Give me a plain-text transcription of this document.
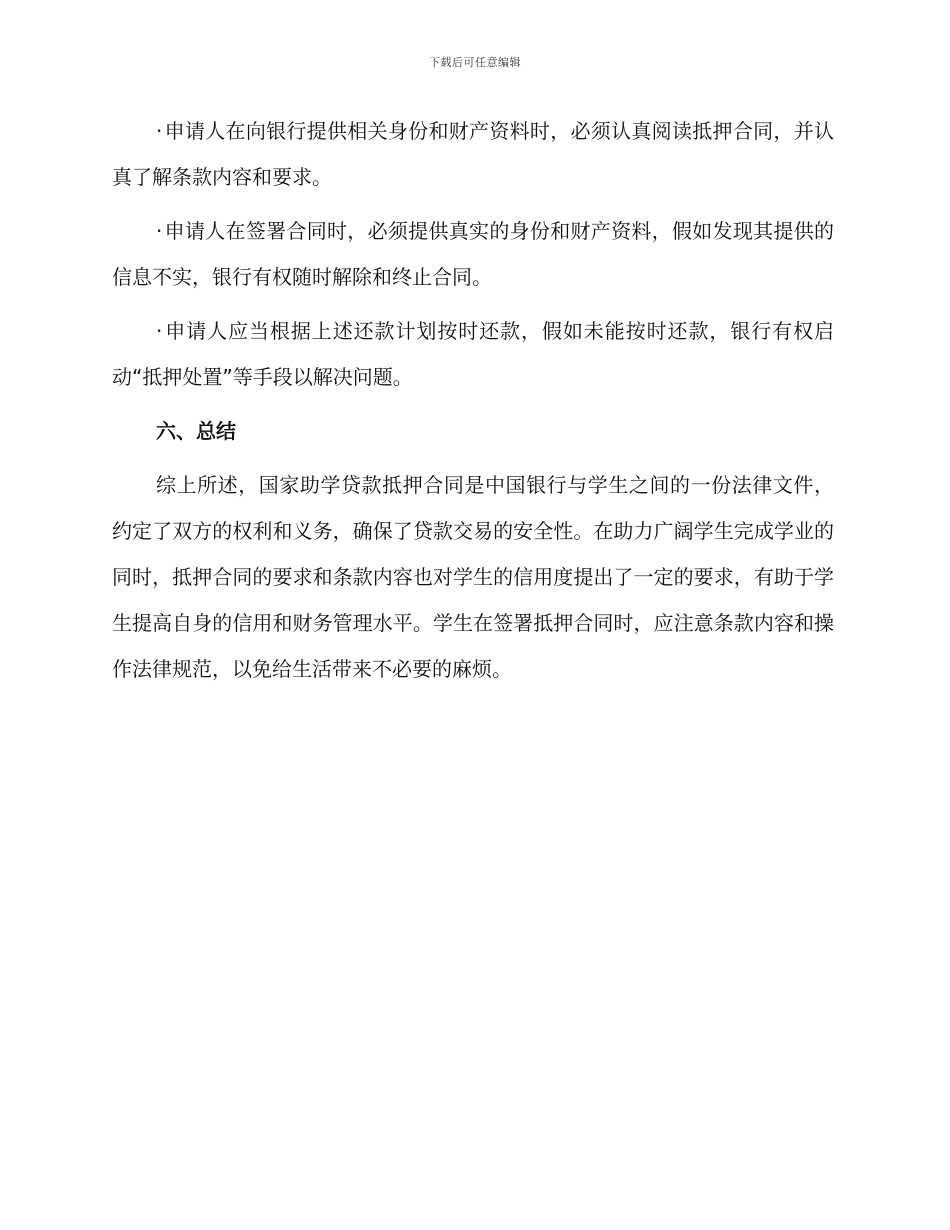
下载后可任意编辑

· 申请人在向银行提供相关身份和财产资料时，必须认真阅读抵押合同，并认真了解条款内容和要求。

· 申请人在签署合同时，必须提供真实的身份和财产资料，假如发现其提供的信息不实，银行有权随时解除和终止合同。

· 申请人应当根据上述还款计划按时还款，假如未能按时还款，银行有权启动“抵押处置”等手段以解决问题。

六、总结

综上所述，国家助学贷款抵押合同是中国银行与学生之间的一份法律文件，约定了双方的权利和义务，确保了贷款交易的安全性。在助力广阔学生完成学业的同时，抵押合同的要求和条款内容也对学生的信用度提出了一定的要求，有助于学生提高自身的信用和财务管理水平。学生在签署抵押合同时，应注意条款内容和操作法律规范，以免给生活带来不必要的麻烦。
